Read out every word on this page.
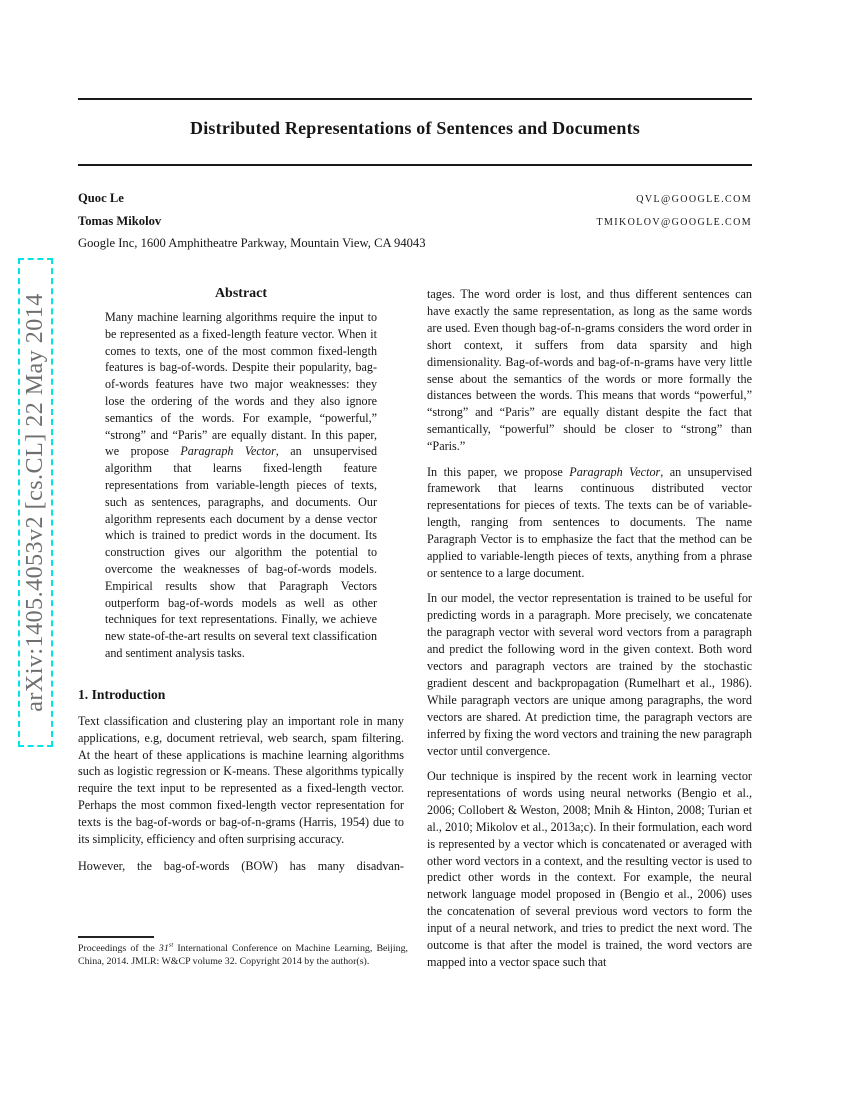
arXiv:1405.4053v2 [cs.CL] 22 May 2014
Distributed Representations of Sentences and Documents
Quoc Le	QVL@GOOGLE.COM
Tomas Mikolov	TMIKOLOV@GOOGLE.COM
Google Inc, 1600 Amphitheatre Parkway, Mountain View, CA 94043
Abstract
Many machine learning algorithms require the input to be represented as a fixed-length feature vector. When it comes to texts, one of the most common fixed-length features is bag-of-words. Despite their popularity, bag-of-words features have two major weaknesses: they lose the ordering of the words and they also ignore semantics of the words. For example, “powerful,” “strong” and “Paris” are equally distant. In this paper, we propose Paragraph Vector, an unsupervised algorithm that learns fixed-length feature representations from variable-length pieces of texts, such as sentences, paragraphs, and documents. Our algorithm represents each document by a dense vector which is trained to predict words in the document. Its construction gives our algorithm the potential to overcome the weaknesses of bag-of-words models. Empirical results show that Paragraph Vectors outperform bag-of-words models as well as other techniques for text representations. Finally, we achieve new state-of-the-art results on several text classification and sentiment analysis tasks.
1. Introduction
Text classification and clustering play an important role in many applications, e.g, document retrieval, web search, spam filtering. At the heart of these applications is machine learning algorithms such as logistic regression or K-means. These algorithms typically require the text input to be represented as a fixed-length vector. Perhaps the most common fixed-length vector representation for texts is the bag-of-words or bag-of-n-grams (Harris, 1954) due to its simplicity, efficiency and often surprising accuracy.
However, the bag-of-words (BOW) has many disadvan-
tages. The word order is lost, and thus different sentences can have exactly the same representation, as long as the same words are used. Even though bag-of-n-grams considers the word order in short context, it suffers from data sparsity and high dimensionality. Bag-of-words and bag-of-n-grams have very little sense about the semantics of the words or more formally the distances between the words. This means that words “powerful,” “strong” and “Paris” are equally distant despite the fact that semantically, “powerful” should be closer to “strong” than “Paris.”
In this paper, we propose Paragraph Vector, an unsupervised framework that learns continuous distributed vector representations for pieces of texts. The texts can be of variable-length, ranging from sentences to documents. The name Paragraph Vector is to emphasize the fact that the method can be applied to variable-length pieces of texts, anything from a phrase or sentence to a large document.
In our model, the vector representation is trained to be useful for predicting words in a paragraph. More precisely, we concatenate the paragraph vector with several word vectors from a paragraph and predict the following word in the given context. Both word vectors and paragraph vectors are trained by the stochastic gradient descent and backpropagation (Rumelhart et al., 1986). While paragraph vectors are unique among paragraphs, the word vectors are shared. At prediction time, the paragraph vectors are inferred by fixing the word vectors and training the new paragraph vector until convergence.
Our technique is inspired by the recent work in learning vector representations of words using neural networks (Bengio et al., 2006; Collobert & Weston, 2008; Mnih & Hinton, 2008; Turian et al., 2010; Mikolov et al., 2013a;c). In their formulation, each word is represented by a vector which is concatenated or averaged with other word vectors in a context, and the resulting vector is used to predict other words in the context. For example, the neural network language model proposed in (Bengio et al., 2006) uses the concatenation of several previous word vectors to form the input of a neural network, and tries to predict the next word. The outcome is that after the model is trained, the word vectors are mapped into a vector space such that
Proceedings of the 31st International Conference on Machine Learning, Beijing, China, 2014. JMLR: W&CP volume 32. Copyright 2014 by the author(s).
